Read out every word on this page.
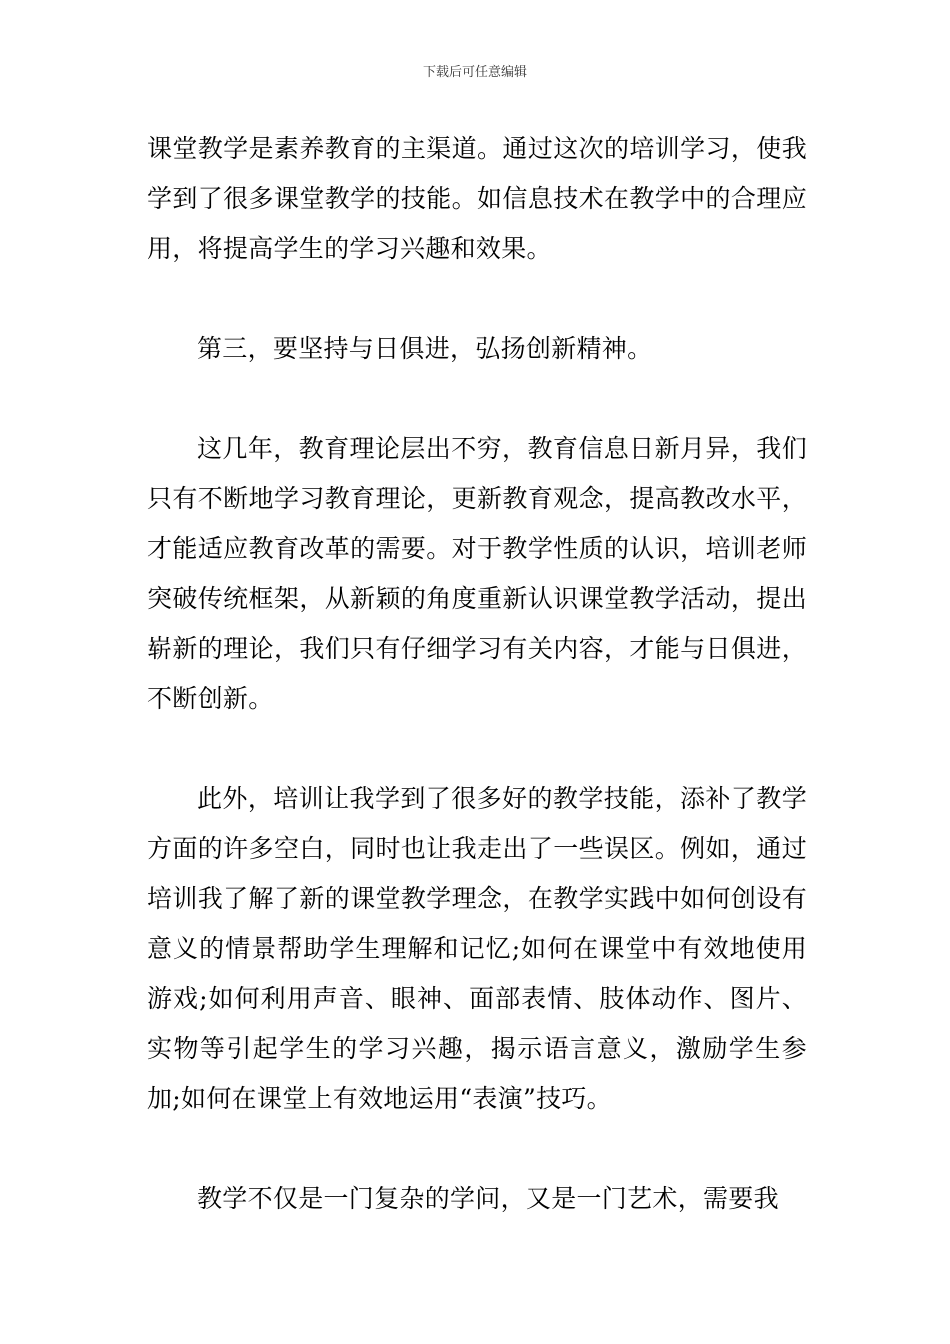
下载后可任意编辑

课堂教学是素养教育的主渠道。通过这次的培训学习，使我学到了很多课堂教学的技能。如信息技术在教学中的合理应用，将提高学生的学习兴趣和效果。

第三，要坚持与日俱进，弘扬创新精神。

这几年，教育理论层出不穷，教育信息日新月异，我们只有不断地学习教育理论，更新教育观念，提高教改水平，才能适应教育改革的需要。对于教学性质的认识，培训老师突破传统框架，从新颖的角度重新认识课堂教学活动，提出崭新的理论，我们只有仔细学习有关内容，才能与日俱进，不断创新。

此外，培训让我学到了很多好的教学技能，添补了教学方面的许多空白，同时也让我走出了一些误区。例如，通过培训我了解了新的课堂教学理念，在教学实践中如何创设有意义的情景帮助学生理解和记忆;如何在课堂中有效地使用游戏;如何利用声音、眼神、面部表情、肢体动作、图片、实物等引起学生的学习兴趣，揭示语言意义，激励学生参加;如何在课堂上有效地运用“表演”技巧。

教学不仅是一门复杂的学问，又是一门艺术，需要我
